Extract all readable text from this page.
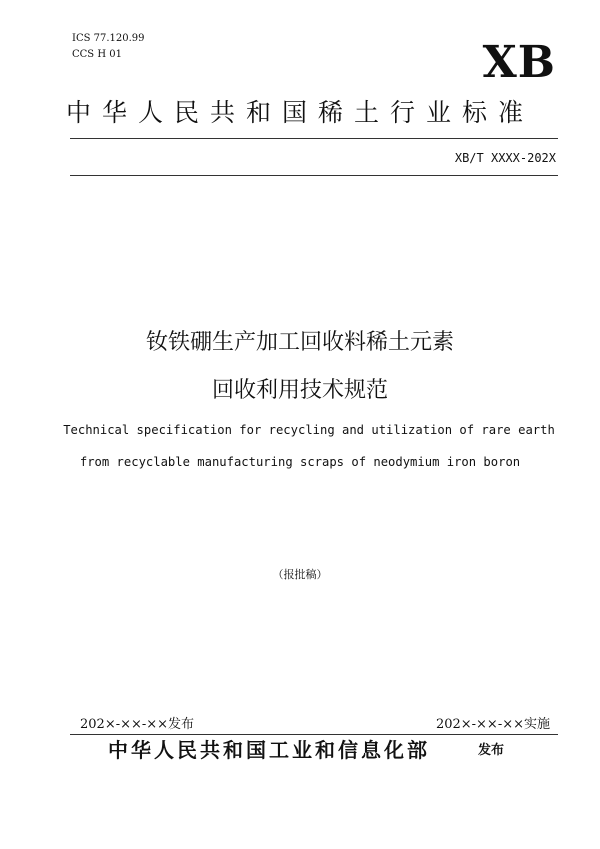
ICS 77.120.99
CCS H 01	XB
中华人民共和国稀土行业标准
XB/T XXXX-202X
钕铁硼生产加工回收料稀土元素
回收利用技术规范
Technical specification for recycling and utilization of rare earth
from recyclable manufacturing scraps of neodymium iron boron
（报批稿）
202×-××-××发布	202×-××-××实施
中华人民共和国工业和信息化部	发布
